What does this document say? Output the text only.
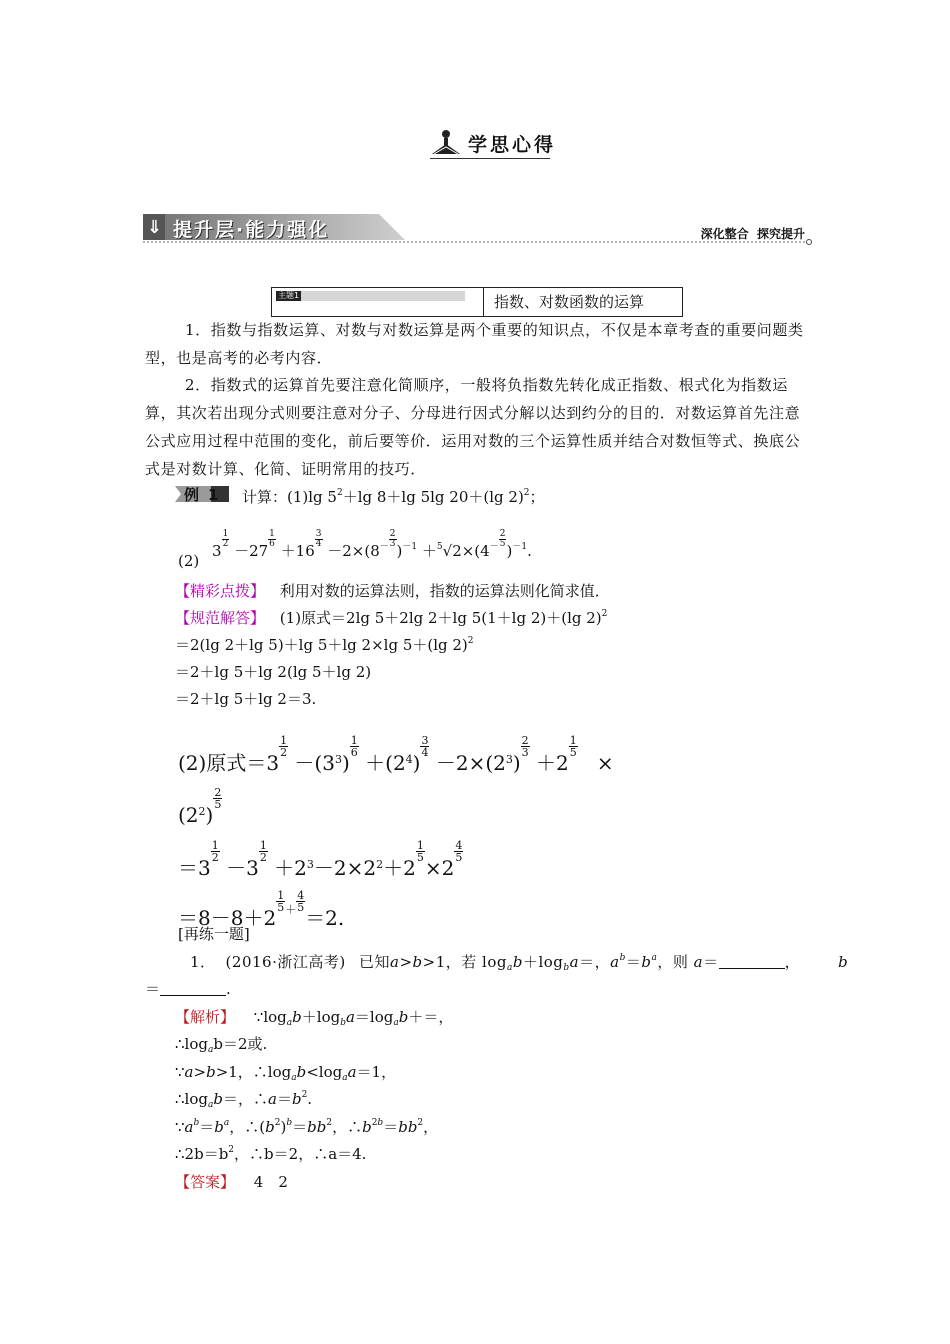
学思心得
⇓ 提升层·能力强化	深化整合  探究提升
主题1	指数、对数函数的运算
1．指数与指数运算、对数与对数运算是两个重要的知识点，不仅是本章考查的重要问题类型，也是高考的必考内容．
2．指数式的运算首先要注意化简顺序，一般将负指数先转化成正指数、根式化为指数运算，其次若出现分式则要注意对分子、分母进行因式分解以达到约分的目的．对数运算首先注意公式应用过程中范围的变化，前后要等价．运用对数的三个运算性质并结合对数恒等式、换底公式是对数计算、化简、证明常用的技巧．
例1 计算：(1)lg $5^2+\lg$ 8＋lg 5lg 20＋(lg 2)$^2$；
(2) 3
$\frac{1}{2}$
－27
$\frac{1}{6}$
＋16
$\frac{3}{4}$
$-2\times(8^- \frac{2}{3}$
)$^{-1} +^5√2\times(4^- \frac{2}{5}$
)$^{-1}$.
【精彩点拨】 利用对数的运算法则，指数的运算法则化简求值．
【规范解答】 (1)原式＝2lg 5＋2lg 2＋lg 5(1＋lg 2)＋(lg 2)$^2$
＝2(lg 2＋lg 5)＋lg 5＋lg 2×lg 5＋(lg 2)$^2$
＝2＋lg 5＋lg 2(lg 5＋lg 2)
＝2＋lg 5＋lg 2＝3.
(2)原式＝3
$\frac{1}{2}$
$-(3^3)$
$\frac{1}{6}$
$+(2^4)$
$\frac{3}{4}$
$-2\times(2^3)$
$\frac{2}{3}$
＋2
$\frac{1}{5}$
×
$(2^2)$
$\frac{2}{5}$
＝3
$\frac{1}{2}$
－3
$\frac{1}{2}$
$+2^3-2\times 2^2+2$
$\frac{1}{5}$
×2
$\frac{4}{5}$
＝8－8＋2
$\frac{1}{5} ^+ \frac{4}{5}$
＝2.
[再练一题]
1． (2016·浙江高考) 已知a>b>1，若 $\log_ab+\log_ba=$，$a^b=b^a$，则 a＝	，	b
＝	.
【解析】 $\because\log_ab+\log_ba=\log_ab+=$，
$\therefore\log_ab=2$或.
∵a>b>1，$\therefore\log_ab<\log_aa=1$，
$\therefore\log_ab=$，$\therefore a=b^2$.
$\because a^b=b^a$，$\therefore(b^2)^b=bb^2$，$\therefore b^{2b}=bb^2$，
$\therefore 2b=b^2$，∴b＝2，∴a＝4.
【答案】 4　2
